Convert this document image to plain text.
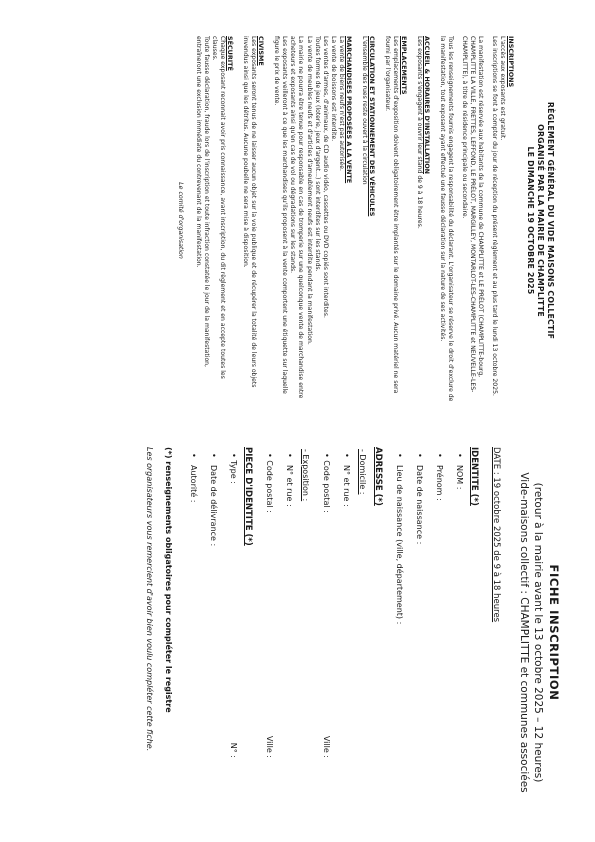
RÈGLEMENT GÉNÉRAL DU VIDE MAISONS COLLECTIF
ORGANISÉ PAR LA MAIRIE DE CHAMPLITTE
LE DIMANCHE 19 OCTOBRE 2025
INSCRIPTIONS

L'accès aux exposants est gratuit.

Les inscriptions se font à compter du jour de réception du présent règlement et au plus tard le lundi 13 octobre 2025.

La manifestation est réservée aux habitants de la commune de CHAMPLITTE et LE PRÉLOT (CHAMPLITTE-bourg, CHAMPLITTE LA VILLE, FRETTES, LEFFOND, LE PRÉLOT, MARGILLEY, MONTARLOT-LES-CHAMPLITTE et NEUVELLE-LES-CHAMPLITTE), à titre de résidence principale ou secondaire.

Tous les renseignements fournis engagent la responsabilité du déclarant. L'organisateur se réserve le droit d'exclure de la manifestation, tout exposant ayant effectué une fausse déclaration sur la nature de ses activités.

ACCUEIL & HORAIRES D'INSTALLATION

Les exposants s'engagent à ouvrir leur stand de 9 à 18 heures.

EMPLACEMENTS

Les emplacements d'exposition doivent obligatoirement être implantés sur le domaine privé. Aucun matériel ne sera fourni par l'organisateur.

CIRCULATION ET STATIONNEMENT DES VÉHICULES

L'ensemble des rues reste ouvert à la circulation

MARCHANDISES PROPOSÉES A LA VENTE

La vente de biens neufs n'est pas autorisée.

La vente de boissons est interdite.

Les ventes d'armes, d'animaux, de CD audio vidéo, cassettes ou DVD copiés sont interdites.

Toutes formes de jeux (loterie, jeux d'argent...) sont interdites sur les stands.

La vente de meubles neufs et d'articles d'ameublement neufs est interdite pendant la manifestation.

La mairie ne pourra être tenue pour responsable en cas de tromperie sur une quelconque vente de marchandise entre acheteurs et exposants ainsi qu'en cas de vol ou dégradations sur les stands.

Les exposants veilleront à ce que les marchandises qu'ils proposent à la vente comportent une étiquette sur laquelle figure le prix de vente.

CIVISME

Les exposants seront tenus de ne laisser aucun objet sur la voie publique et de récupérer la totalité de leurs objets invendus ainsi que les détritus. Aucune poubelle ne sera mise à disposition.

SÉCURITÉ

Chaque exposant reconnait avoir pris connaissance, avant inscription, du dit règlement et en accepte toutes les clauses.

Toute fausse déclaration, fraude lors de l'inscription et toute infraction constatée le jour de la manifestation, entraîneront une exclusion immédiate du contrevenant de la manifestation.

Le comité d'organisation
FICHE INSCRIPTION
(retour à la mairie avant le 13 octobre 2025 – 12 heures)
Vide-maisons collectif : CHAMPLITTE et communes associées
DATE : 19 octobre 2025 de 9 à 18 heures
IDENTITE (*)
•
NOM :
•
Prénom :
•
Date de naissance :
•
Lieu de naissance (ville, département) :
ADRESSE (*)
- Domicile :
•
N° et rue :
• Code postal :
Ville :
- Exposition :
•
N° et rue :
• Code postal :
Ville :
PIECE D'IDENTITE (*)
• Type :
N° :
•
Date de délivrance :
•
Autorité :
(*) renseignements obligatoires pour compléter le registre
Les organisateurs vous remercient d'avoir bien voulu compléter cette fiche.
